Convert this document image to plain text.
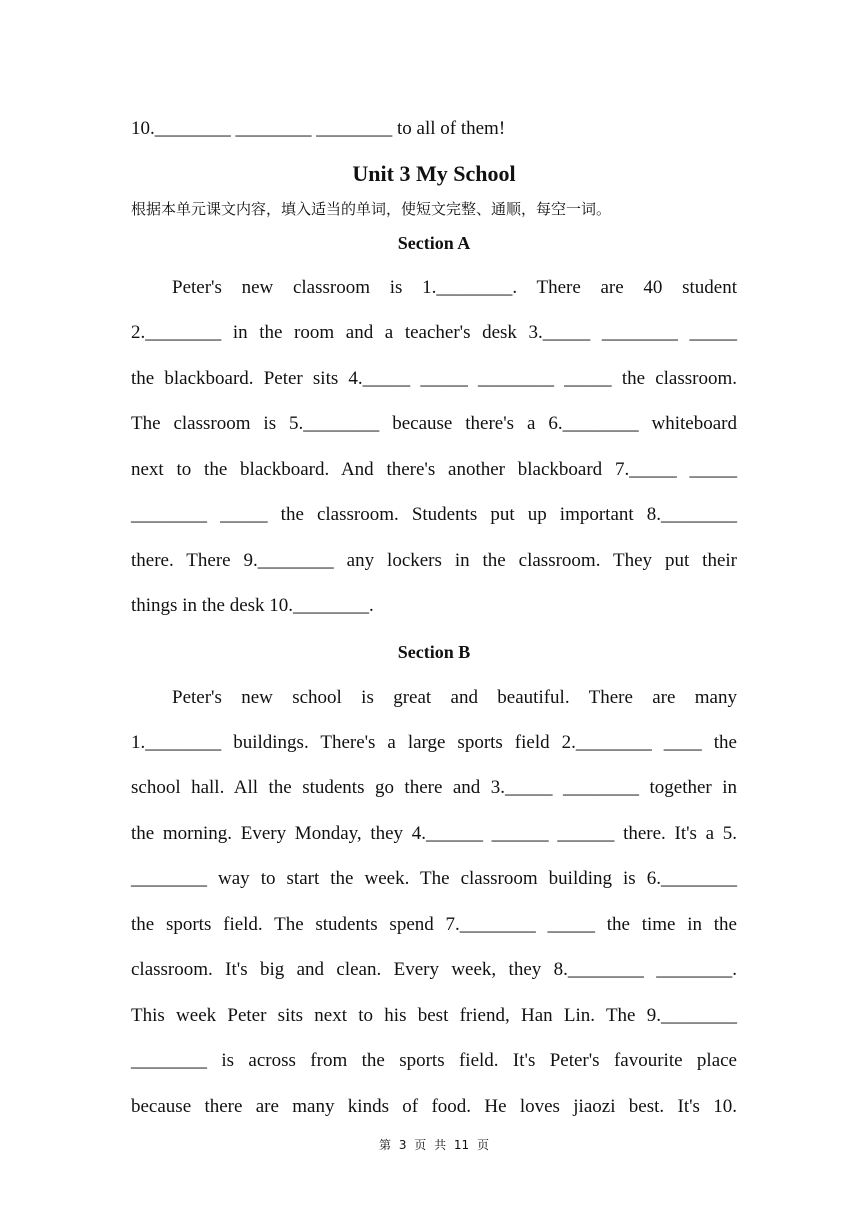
10.________ ________ ________ to all of them!
Unit 3 My School
根据本单元课文内容，填入适当的单词，使短文完整、通顺，每空一词。
Section A
Peter's new classroom is 1.________. There are 40 student
2.________ in the room and a teacher's desk 3._____ ________ _____
the blackboard. Peter sits 4._____ _____ ________ _____ the classroom.
The classroom is 5.________ because there's a 6.________ whiteboard
next to the blackboard. And there's another blackboard 7._____ _____
________ _____ the classroom. Students put up important 8.________
there. There 9.________ any lockers in the classroom. They put their
things in the desk 10.________.
Section B
Peter's new school is great and beautiful. There are many
1.________ buildings. There's a large sports field 2.________ ____ the
school hall. All the students go there and 3._____ ________ together in
the morning. Every Monday, they 4.______ ______ ______ there. It's a 5.
________ way to start the week. The classroom building is 6.________
the sports field. The students spend 7.________ _____ the time in the
classroom. It's big and clean. Every week, they 8.________ ________.
This week Peter sits next to his best friend, Han Lin. The 9.________
________ is across from the sports field. It's Peter's favourite place
because there are many kinds of food. He loves jiaozi best. It's 10.
第 3 页 共 11 页
